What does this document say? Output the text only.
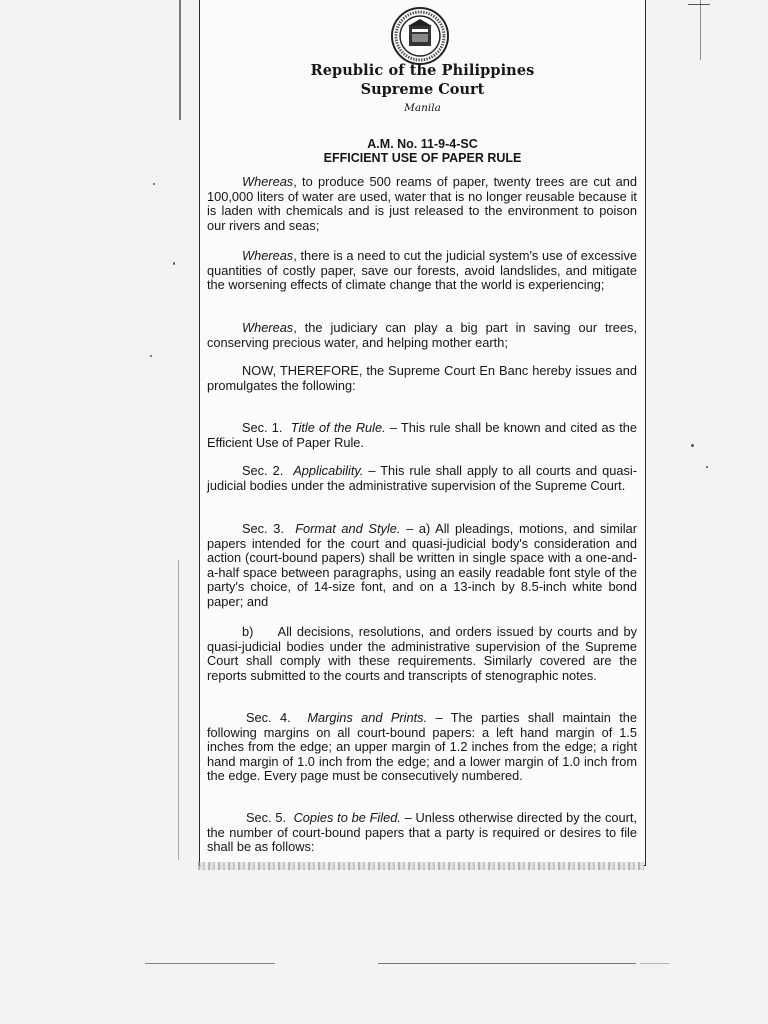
Republic of the Philippines
Supreme Court
Manila
A.M. No. 11-9-4-SC
EFFICIENT USE OF PAPER RULE

Whereas, to produce 500 reams of paper, twenty trees are cut and 100,000 liters of water are used, water that is no longer reusable because it is laden with chemicals and is just released to the environment to poison our rivers and seas;

Whereas, there is a need to cut the judicial system's use of excessive quantities of costly paper, save our forests, avoid landslides, and mitigate the worsening effects of climate change that the world is experiencing;

Whereas, the judiciary can play a big part in saving our trees, conserving precious water, and helping mother earth;

NOW, THEREFORE, the Supreme Court En Banc hereby issues and promulgates the following:

Sec. 1. Title of the Rule. – This rule shall be known and cited as the Efficient Use of Paper Rule.

Sec. 2. Applicability. – This rule shall apply to all courts and quasi-judicial bodies under the administrative supervision of the Supreme Court.

Sec. 3. Format and Style. – a) All pleadings, motions, and similar papers intended for the court and quasi-judicial body's consideration and action (court-bound papers) shall be written in single space with a one-and-a-half space between paragraphs, using an easily readable font style of the party's choice, of 14-size font, and on a 13-inch by 8.5-inch white bond paper; and

b) All decisions, resolutions, and orders issued by courts and by quasi-judicial bodies under the administrative supervision of the Supreme Court shall comply with these requirements. Similarly covered are the reports submitted to the courts and transcripts of stenographic notes.

Sec. 4. Margins and Prints. – The parties shall maintain the following margins on all court-bound papers: a left hand margin of 1.5 inches from the edge; an upper margin of 1.2 inches from the edge; a right hand margin of 1.0 inch from the edge; and a lower margin of 1.0 inch from the edge. Every page must be consecutively numbered.

Sec. 5. Copies to be Filed. – Unless otherwise directed by the court, the number of court-bound papers that a party is required or desires to file shall be as follows:
